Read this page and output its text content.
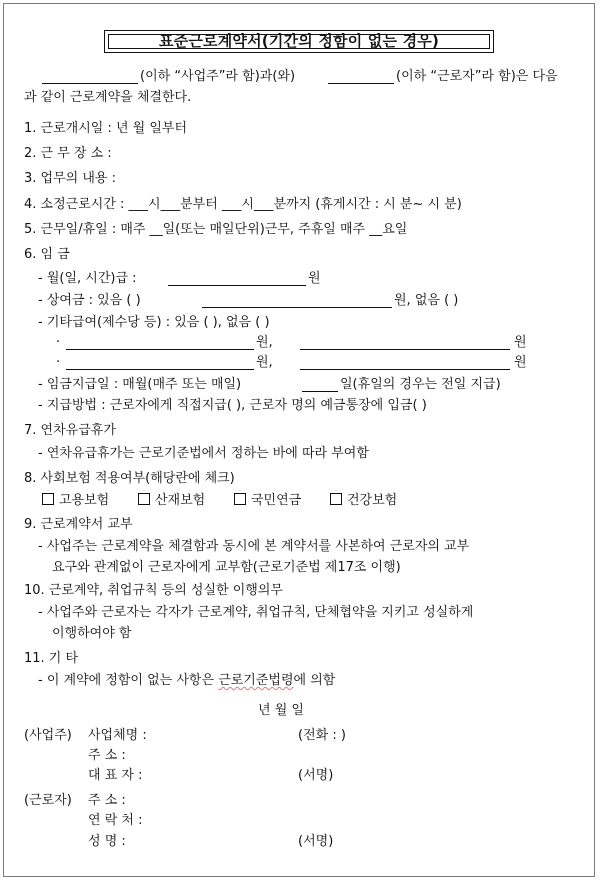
표준근로계약서(기간의 정함이 없는 경우)
(이하 “사업주”라 함)과(와)	(이하 “근로자”라 함)은 다음
과 같이 근로계약을 체결한다.
1. 근로개시일 : 년 월 일부터
2. 근 무 장 소 :
3. 업무의 내용 :
4. 소정근로시간 : ___시___분부터 ___시___분까지 (휴게시간 : 시 분~ 시 분)
5. 근무일/휴일 : 매주 __일(또는 매일단위)근무, 주휴일 매주 __요일
6. 임 금
- 월(일, 시간)급 :	원
- 상여금 : 있음 ( )	원, 없음 ( )
- 기타급여(제수당 등) : 있음 ( ), 없음 ( )
·	원,	원
·	원,	원
- 임금지급일 : 매월(매주 또는 매일)	일(휴일의 경우는 전일 지급)
- 지급방법 : 근로자에게 직접지급( ), 근로자 명의 예금통장에 입금( )
7. 연차유급휴가
- 연차유급휴가는 근로기준법에서 정하는 바에 따라 부여함
8. 사회보험 적용여부(해당란에 체크)
고용보험	산재보험	국민연금	건강보험
9. 근로계약서 교부
- 사업주는 근로계약을 체결함과 동시에 본 계약서를 사본하여 근로자의 교부
요구와 관계없이 근로자에게 교부함(근로기준법 제17조 이행)
10. 근로계약, 취업규칙 등의 성실한 이행의무
- 사업주와 근로자는 각자가 근로계약, 취업규칙, 단체협약을 지키고 성실하게
이행하여야 함
11. 기 타
- 이 계약에 정함이 없는 사항은 근로기준법령에 의함
년 월 일
(사업주) 사업체명 :	(전화 : )
주 소 :
대 표 자 :	(서명)
(근로자) 주 소 :
연 락 처 :
성 명 :	(서명)
